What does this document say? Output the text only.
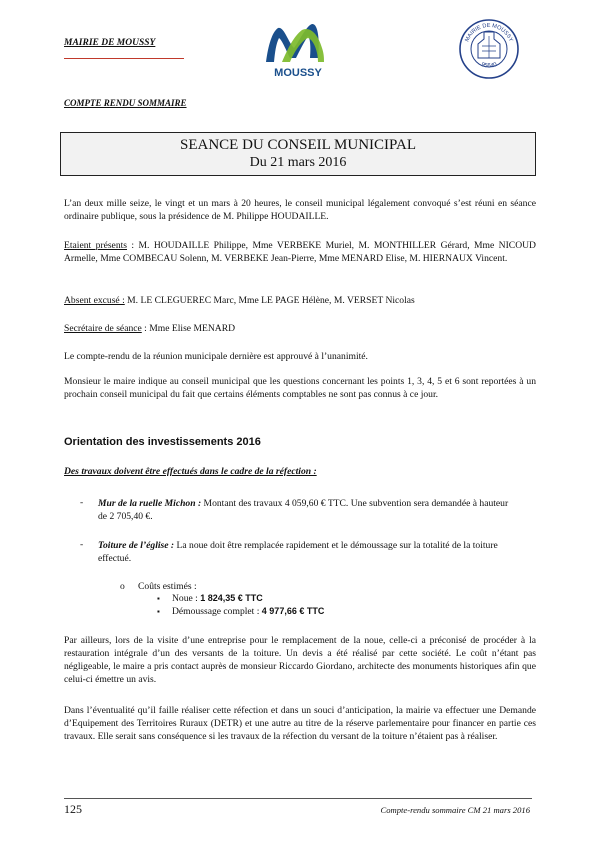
MAIRIE DE MOUSSY
MOUSSY
MAIRIE DE MOUSSY
95640
COMPTE RENDU SOMMAIRE
SEANCE DU CONSEIL MUNICIPAL
Du 21 mars 2016

L’an deux mille seize, le vingt et un mars à 20 heures, le conseil municipal légalement convoqué s’est réuni en séance ordinaire publique, sous la présidence de M. Philippe HOUDAILLE.

Etaient présents : M. HOUDAILLE Philippe, Mme VERBEKE Muriel, M. MONTHILLER Gérard, Mme NICOUD Armelle, Mme COMBECAU Solenn, M. VERBEKE Jean-Pierre, Mme MENARD Elise, M. HIERNAUX Vincent.

Absent excusé : M. LE CLEGUEREC Marc, Mme LE PAGE Hélène, M. VERSET Nicolas

Secrétaire de séance : Mme Elise MENARD

Le compte-rendu de la réunion municipale dernière est approuvé à l’unanimité.

Monsieur le maire indique au conseil municipal que les questions concernant les points 1, 3, 4, 5 et 6 sont reportées à un prochain conseil municipal du fait que certains éléments comptables ne sont pas connus à ce jour.

Orientation des investissements 2016
Des travaux doivent être effectués dans le cadre de la réfection :
- Mur de la ruelle Michon : Montant des travaux 4 059,60 € TTC. Une subvention sera demandée à hauteur de 2 705,40 €.
- Toiture de l’église : La noue doit être remplacée rapidement et le démoussage sur la totalité de la toiture effectué.
o Coûts estimés :
▪ Noue : 1 824,35 € TTC
▪ Démoussage complet : 4 977,66 € TTC

Par ailleurs, lors de la visite d’une entreprise pour le remplacement de la noue, celle-ci a préconisé de procéder à la restauration intégrale d’un des versants de la toiture. Un devis a été réalisé par cette société. Le coût n’étant pas négligeable, le maire a pris contact auprès de monsieur Riccardo Giordano, architecte des monuments historiques afin que celui-ci émettre un avis.

Dans l’éventualité qu’il faille réaliser cette réfection et dans un souci d’anticipation, la mairie va effectuer une Demande d’Equipement des Territoires Ruraux (DETR) et une autre au titre de la réserve parlementaire pour financer en partie ces travaux. Elle serait sans conséquence si les travaux de la réfection du versant de la toiture n’étaient pas à réaliser.

125	Compte-rendu sommaire CM 21 mars 2016
